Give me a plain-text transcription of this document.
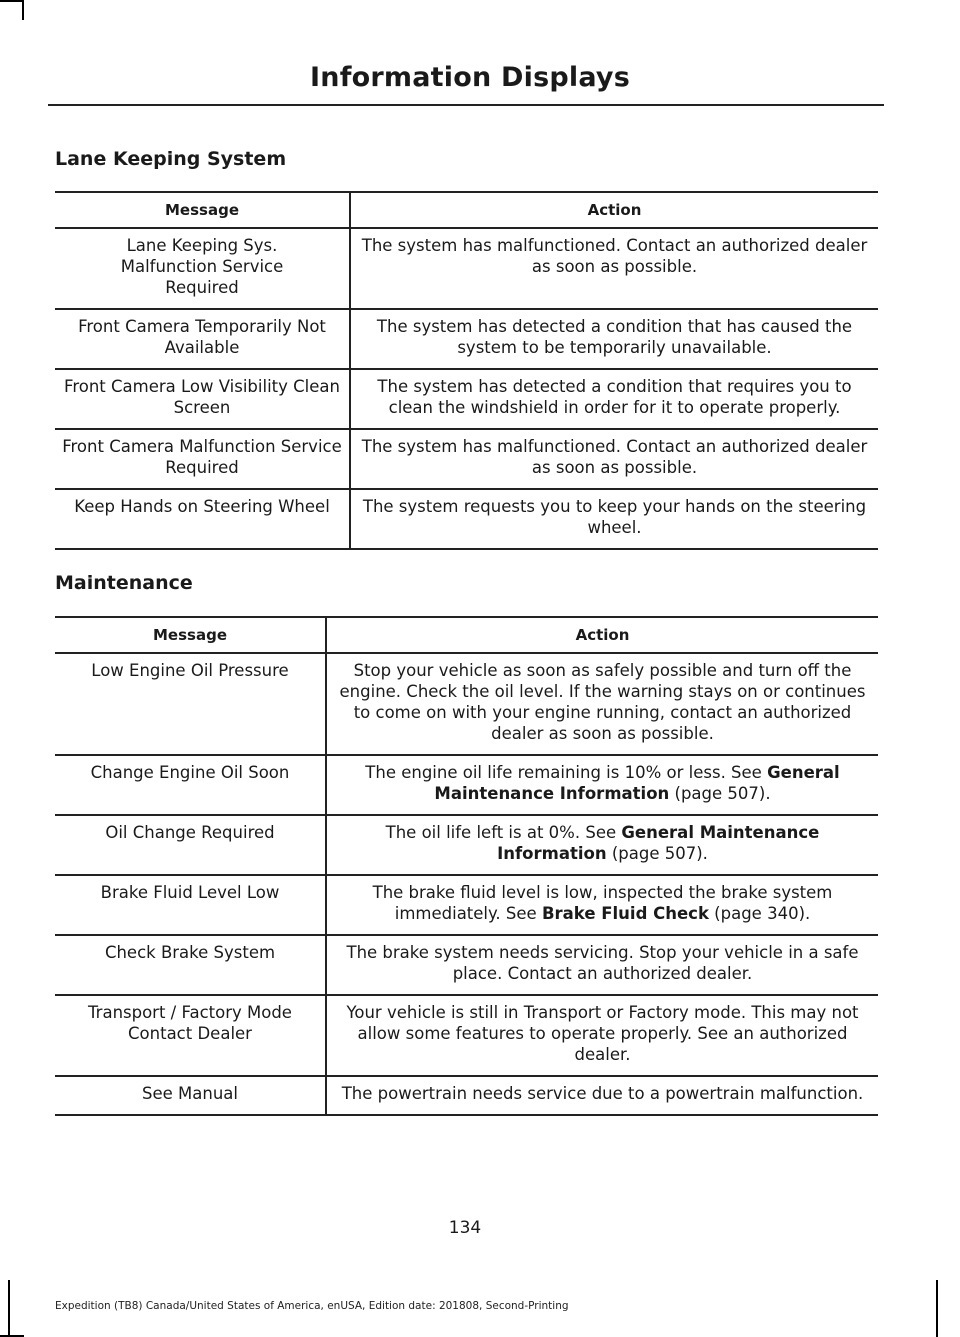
Information Displays
Lane Keeping System
Message	Action
Lane Keeping Sys. Malfunction Service Required	The system has malfunctioned. Contact an authorized dealer as soon as possible.
Front Camera Temporarily Not Available	The system has detected a condition that has caused the system to be temporarily unavailable.
Front Camera Low Visibility Clean Screen	The system has detected a condition that requires you to clean the windshield in order for it to operate properly.
Front Camera Malfunction Service Required	The system has malfunctioned. Contact an authorized dealer as soon as possible.
Keep Hands on Steering Wheel	The system requests you to keep your hands on the steering wheel.
Maintenance
Message	Action
Low Engine Oil Pressure	Stop your vehicle as soon as safely possible and turn off the engine. Check the oil level. If the warning stays on or continues to come on with your engine running, contact an authorized dealer as soon as possible.
Change Engine Oil Soon	The engine oil life remaining is 10% or less. See General Maintenance Information (page 507).
Oil Change Required	The oil life left is at 0%. See General Maintenance Information (page 507).
Brake Fluid Level Low	The brake fluid level is low, inspected the brake system immediately. See Brake Fluid Check (page 340).
Check Brake System	The brake system needs servicing. Stop your vehicle in a safe place. Contact an authorized dealer.
Transport / Factory Mode Contact Dealer	Your vehicle is still in Transport or Factory mode. This may not allow some features to operate properly. See an authorized dealer.
See Manual	The powertrain needs service due to a powertrain malfunction.
134
Expedition (TB8) Canada/United States of America, enUSA, Edition date: 201808, Second-Printing
